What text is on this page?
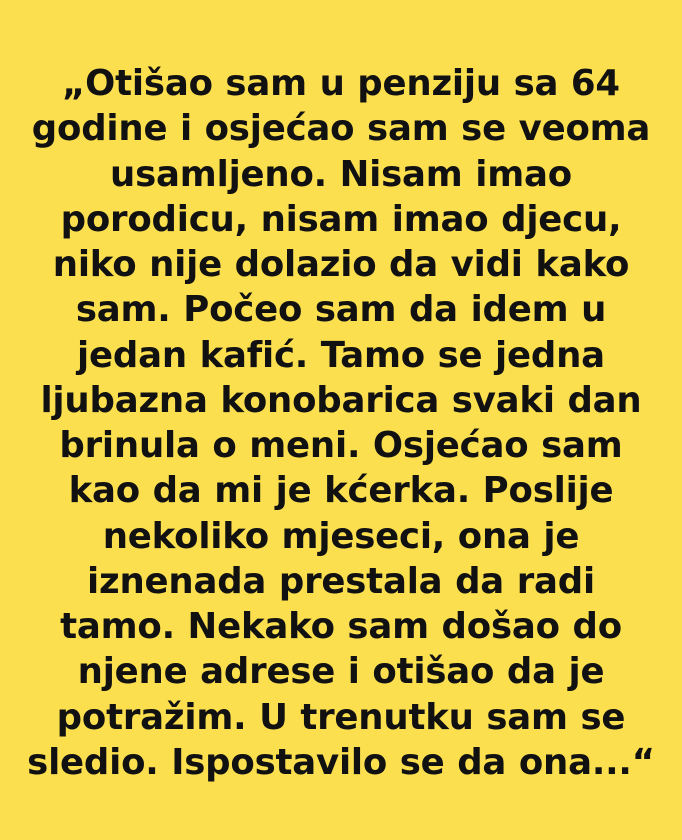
„Otišao sam u penziju sa 64 godine i osjećao sam se veoma usamljeno. Nisam imao porodicu, nisam imao djecu, niko nije dolazio da vidi kako sam. Počeo sam da idem u jedan kafić. Tamo se jedna ljubazna konobarica svaki dan brinula o meni. Osjećao sam kao da mi je kćerka. Poslije nekoliko mjeseci, ona je iznenada prestala da radi tamo. Nekako sam došao do njene adrese i otišao da je potražim. U trenutku sam se sledio. Ispostavilo se da ona...“
